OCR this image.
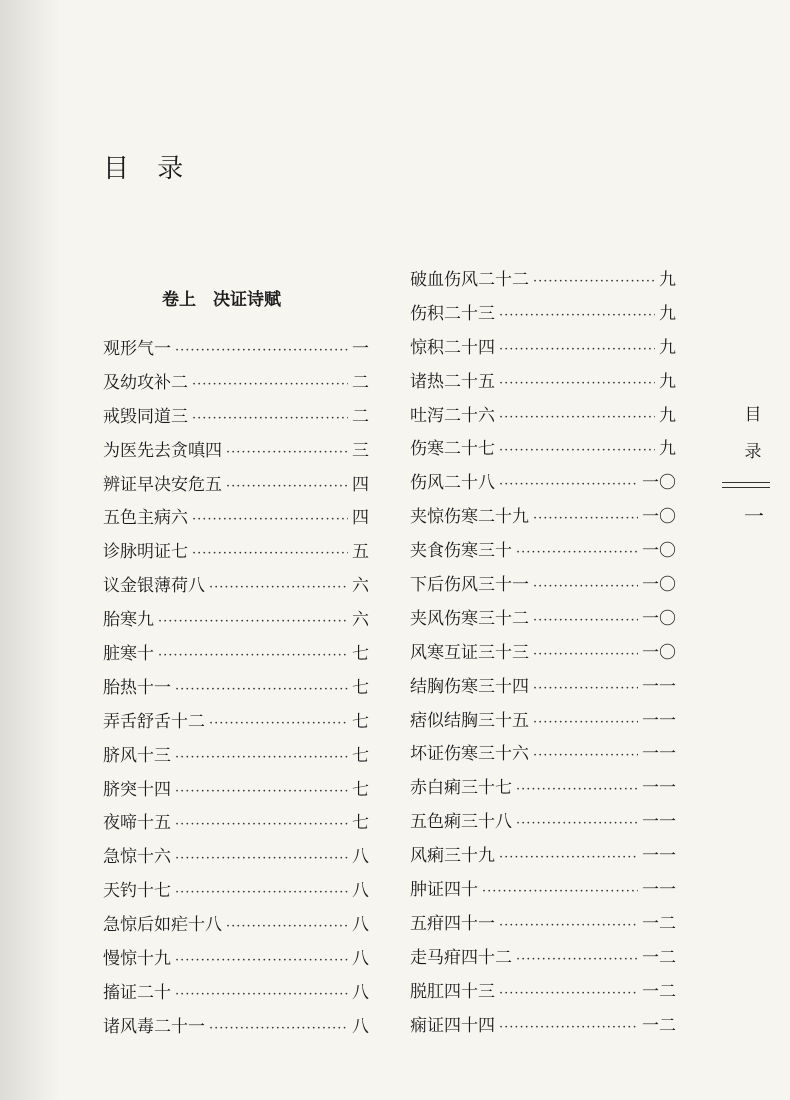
目 录
卷上　决证诗赋
观形气一 ·····	一
及幼攻补二 ·····	二
戒毁同道三 ·····	二
为医先去贪嗔四 ·····	三
辨证早决安危五 ·····	四
五色主病六 ·····	四
诊脉明证七 ·····	五
议金银薄荷八 ·····	六
胎寒九 ·····	六
脏寒十 ·····	七
胎热十一 ·····	七
弄舌舒舌十二 ·····	七
脐风十三 ·····	七
脐突十四 ·····	七
夜啼十五 ·····	七
急惊十六 ·····	八
天钓十七 ·····	八
急惊后如疟十八 ·····	八
慢惊十九 ·····	八
搐证二十 ·····	八
诸风毒二十一 ·····	八
破血伤风二十二 ·····	九
伤积二十三 ·····	九
惊积二十四 ·····	九
诸热二十五 ·····	九
吐泻二十六 ·····	九
伤寒二十七 ·····	九
伤风二十八 ·····	一〇
夹惊伤寒二十九 ·····	一〇
夹食伤寒三十 ·····	一〇
下后伤风三十一 ·····	一〇
夹风伤寒三十二 ·····	一〇
风寒互证三十三 ·····	一〇
结胸伤寒三十四 ·····	一一
痞似结胸三十五 ·····	一一
坏证伤寒三十六 ·····	一一
赤白痢三十七 ·····	一一
五色痢三十八 ·····	一一
风痢三十九 ·····	一一
肿证四十 ·····	一一
五疳四十一 ·····	一二
走马疳四十二 ·····	一二
脱肛四十三 ·····	一二
痫证四十四 ·····	一二
目
录
一
